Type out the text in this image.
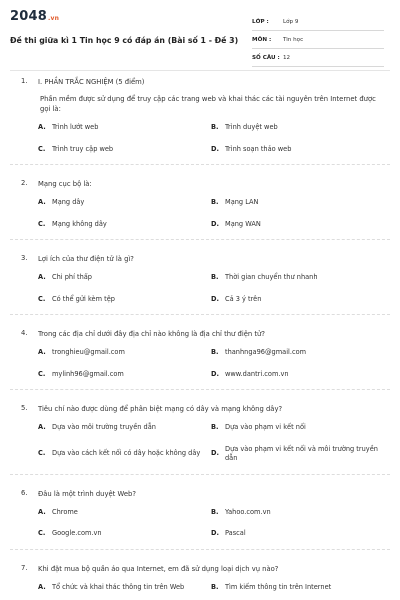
2048.vn
Đề thi giữa kì 1 Tin học 9 có đáp án (Bài số 1 - Đề 3)
LỚP :	Lớp 9
MÔN :	Tin học
SỐ CÂU : 12
1. I. PHẦN TRẮC NGHIỆM (5 điểm)
Phần mềm được sử dụng để truy cập các trang web và khai thác các tài nguyên trên Internet được gọi là:
A. Trình lướt web	B. Trình duyệt web
C.	Trình truy cập web	D. Trình soạn thảo web
2. Mạng cục bộ là:
A. Mạng dây	B. Mạng LAN
C.	Mạng không dây	D. Mạng WAN
3. Lợi ích của thư điện tử là gì?
A. Chi phí thấp	B. Thời gian chuyển thư nhanh
C.	Có thể gửi kèm tệp	D. Cả 3 ý trên
4. Trong các địa chỉ dưới đây địa chỉ nào không là địa chỉ thư điện tử?
A. tronghieu@gmail.com	B. thanhnga96@gmail.com
C.	mylinh96@gmail.com	D. www.dantri.com.vn
5. Tiêu chí nào được dùng để phân biệt mạng có dây và mạng không dây?
A. Dựa vào môi trường truyền dẫn	B. Dựa vào phạm vi kết nối
C.	Dựa vào cách kết nối có dây hoặc không dây	D.
Dựa vào phạm vi kết nối và môi trường truyền dẫn
6. Đâu là một trình duyệt Web?
A. Chrome	B. Yahoo.com.vn
C.	Google.com.vn	D. Pascal
7. Khi đặt mua bộ quần áo qua Internet, em đã sử dụng loại dịch vụ nào?
A. Tổ chức và khai thác thông tin trên Web	B. Tìm kiếm thông tin trên Internet
